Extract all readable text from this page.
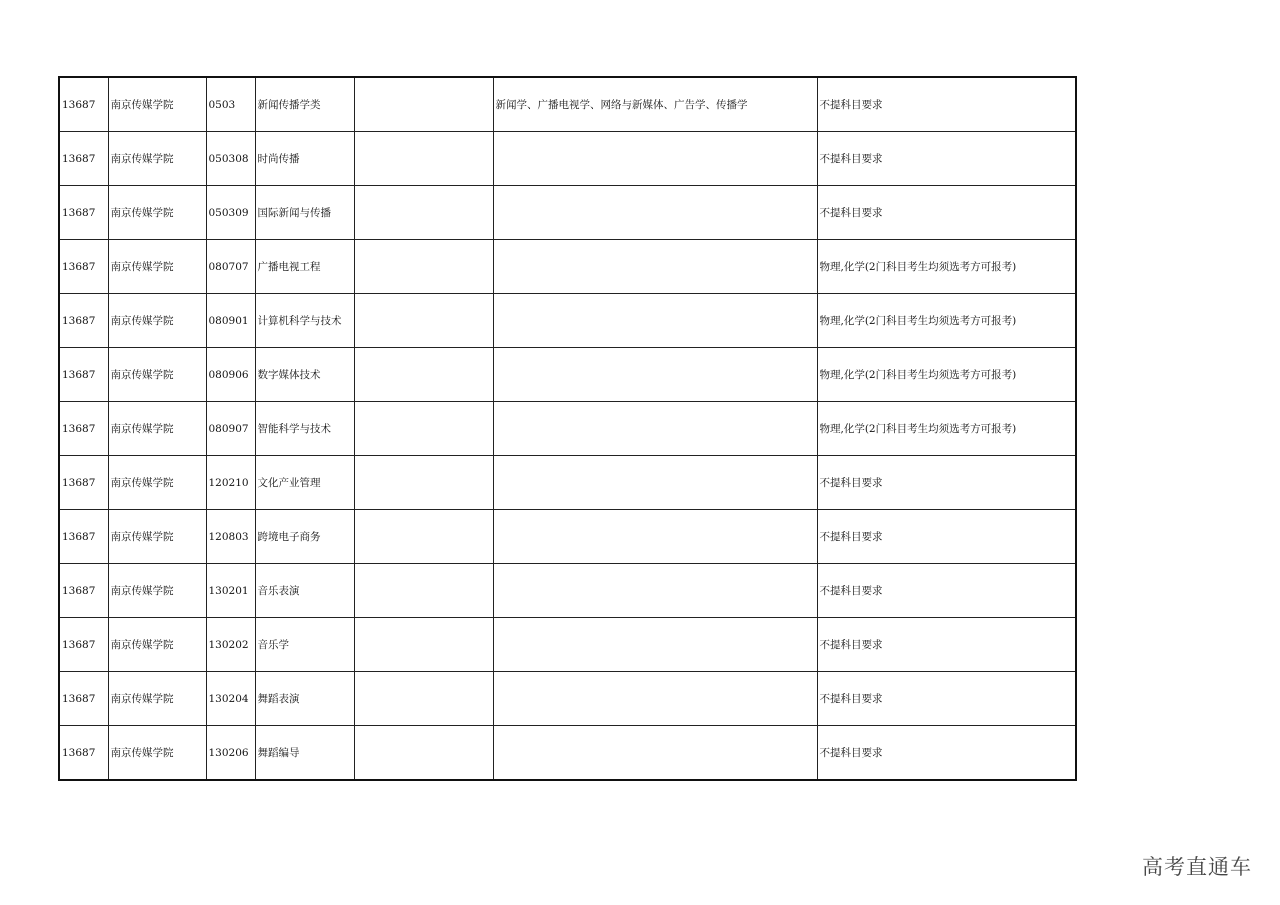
13687	南京传媒学院	0503	新闻传播学类		新闻学、广播电视学、网络与新媒体、广告学、传播学	不提科目要求
13687	南京传媒学院	050308	时尚传播			不提科目要求
13687	南京传媒学院	050309	国际新闻与传播			不提科目要求
13687	南京传媒学院	080707	广播电视工程			物理,化学(2门科目考生均须选考方可报考)
13687	南京传媒学院	080901	计算机科学与技术			物理,化学(2门科目考生均须选考方可报考)
13687	南京传媒学院	080906	数字媒体技术			物理,化学(2门科目考生均须选考方可报考)
13687	南京传媒学院	080907	智能科学与技术			物理,化学(2门科目考生均须选考方可报考)
13687	南京传媒学院	120210	文化产业管理			不提科目要求
13687	南京传媒学院	120803	跨境电子商务			不提科目要求
13687	南京传媒学院	130201	音乐表演			不提科目要求
13687	南京传媒学院	130202	音乐学			不提科目要求
13687	南京传媒学院	130204	舞蹈表演			不提科目要求
13687	南京传媒学院	130206	舞蹈编导			不提科目要求
高考直通车
